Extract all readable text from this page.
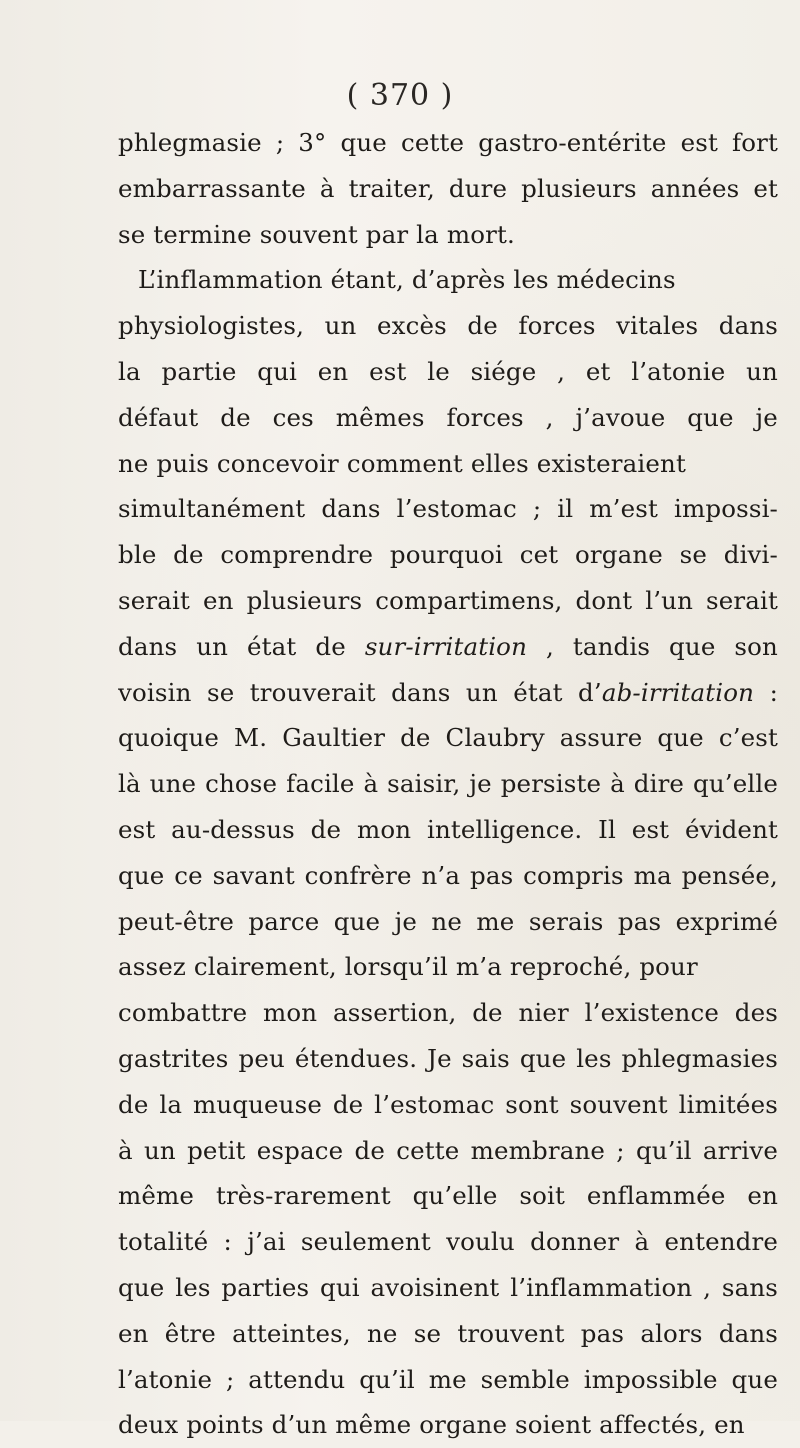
( 370 )
phlegmasie ; 3° que cette gastro-entérite est fort
embarrassante à traiter, dure plusieurs années et
se termine souvent par la mort.
L’inflammation étant, d’après les médecins
physiologistes, un excès de forces vitales dans
la partie qui en est le siége , et l’atonie un
défaut de ces mêmes forces , j’avoue que je
ne puis concevoir comment elles existeraient
simultanément dans l’estomac ; il m’est impossi-
ble de comprendre pourquoi cet organe se divi-
serait en plusieurs compartimens, dont l’un serait
dans un état de sur-irritation , tandis que son
voisin se trouverait dans un état d’ab-irritation :
quoique M. Gaultier de Claubry assure que c’est
là une chose facile à saisir, je persiste à dire qu’elle
est au-dessus de mon intelligence. Il est évident
que ce savant confrère n’a pas compris ma pensée,
peut-être parce que je ne me serais pas exprimé
assez clairement, lorsqu’il m’a reproché, pour
combattre mon assertion, de nier l’existence des
gastrites peu étendues. Je sais que les phlegmasies
de la muqueuse de l’estomac sont souvent limitées
à un petit espace de cette membrane ; qu’il arrive
même très-rarement qu’elle soit enflammée en
totalité : j’ai seulement voulu donner à entendre
que les parties qui avoisinent l’inflammation , sans
en être atteintes, ne se trouvent pas alors dans
l’atonie ; attendu qu’il me semble impossible que
deux points d’un même organe soient affectés, en
